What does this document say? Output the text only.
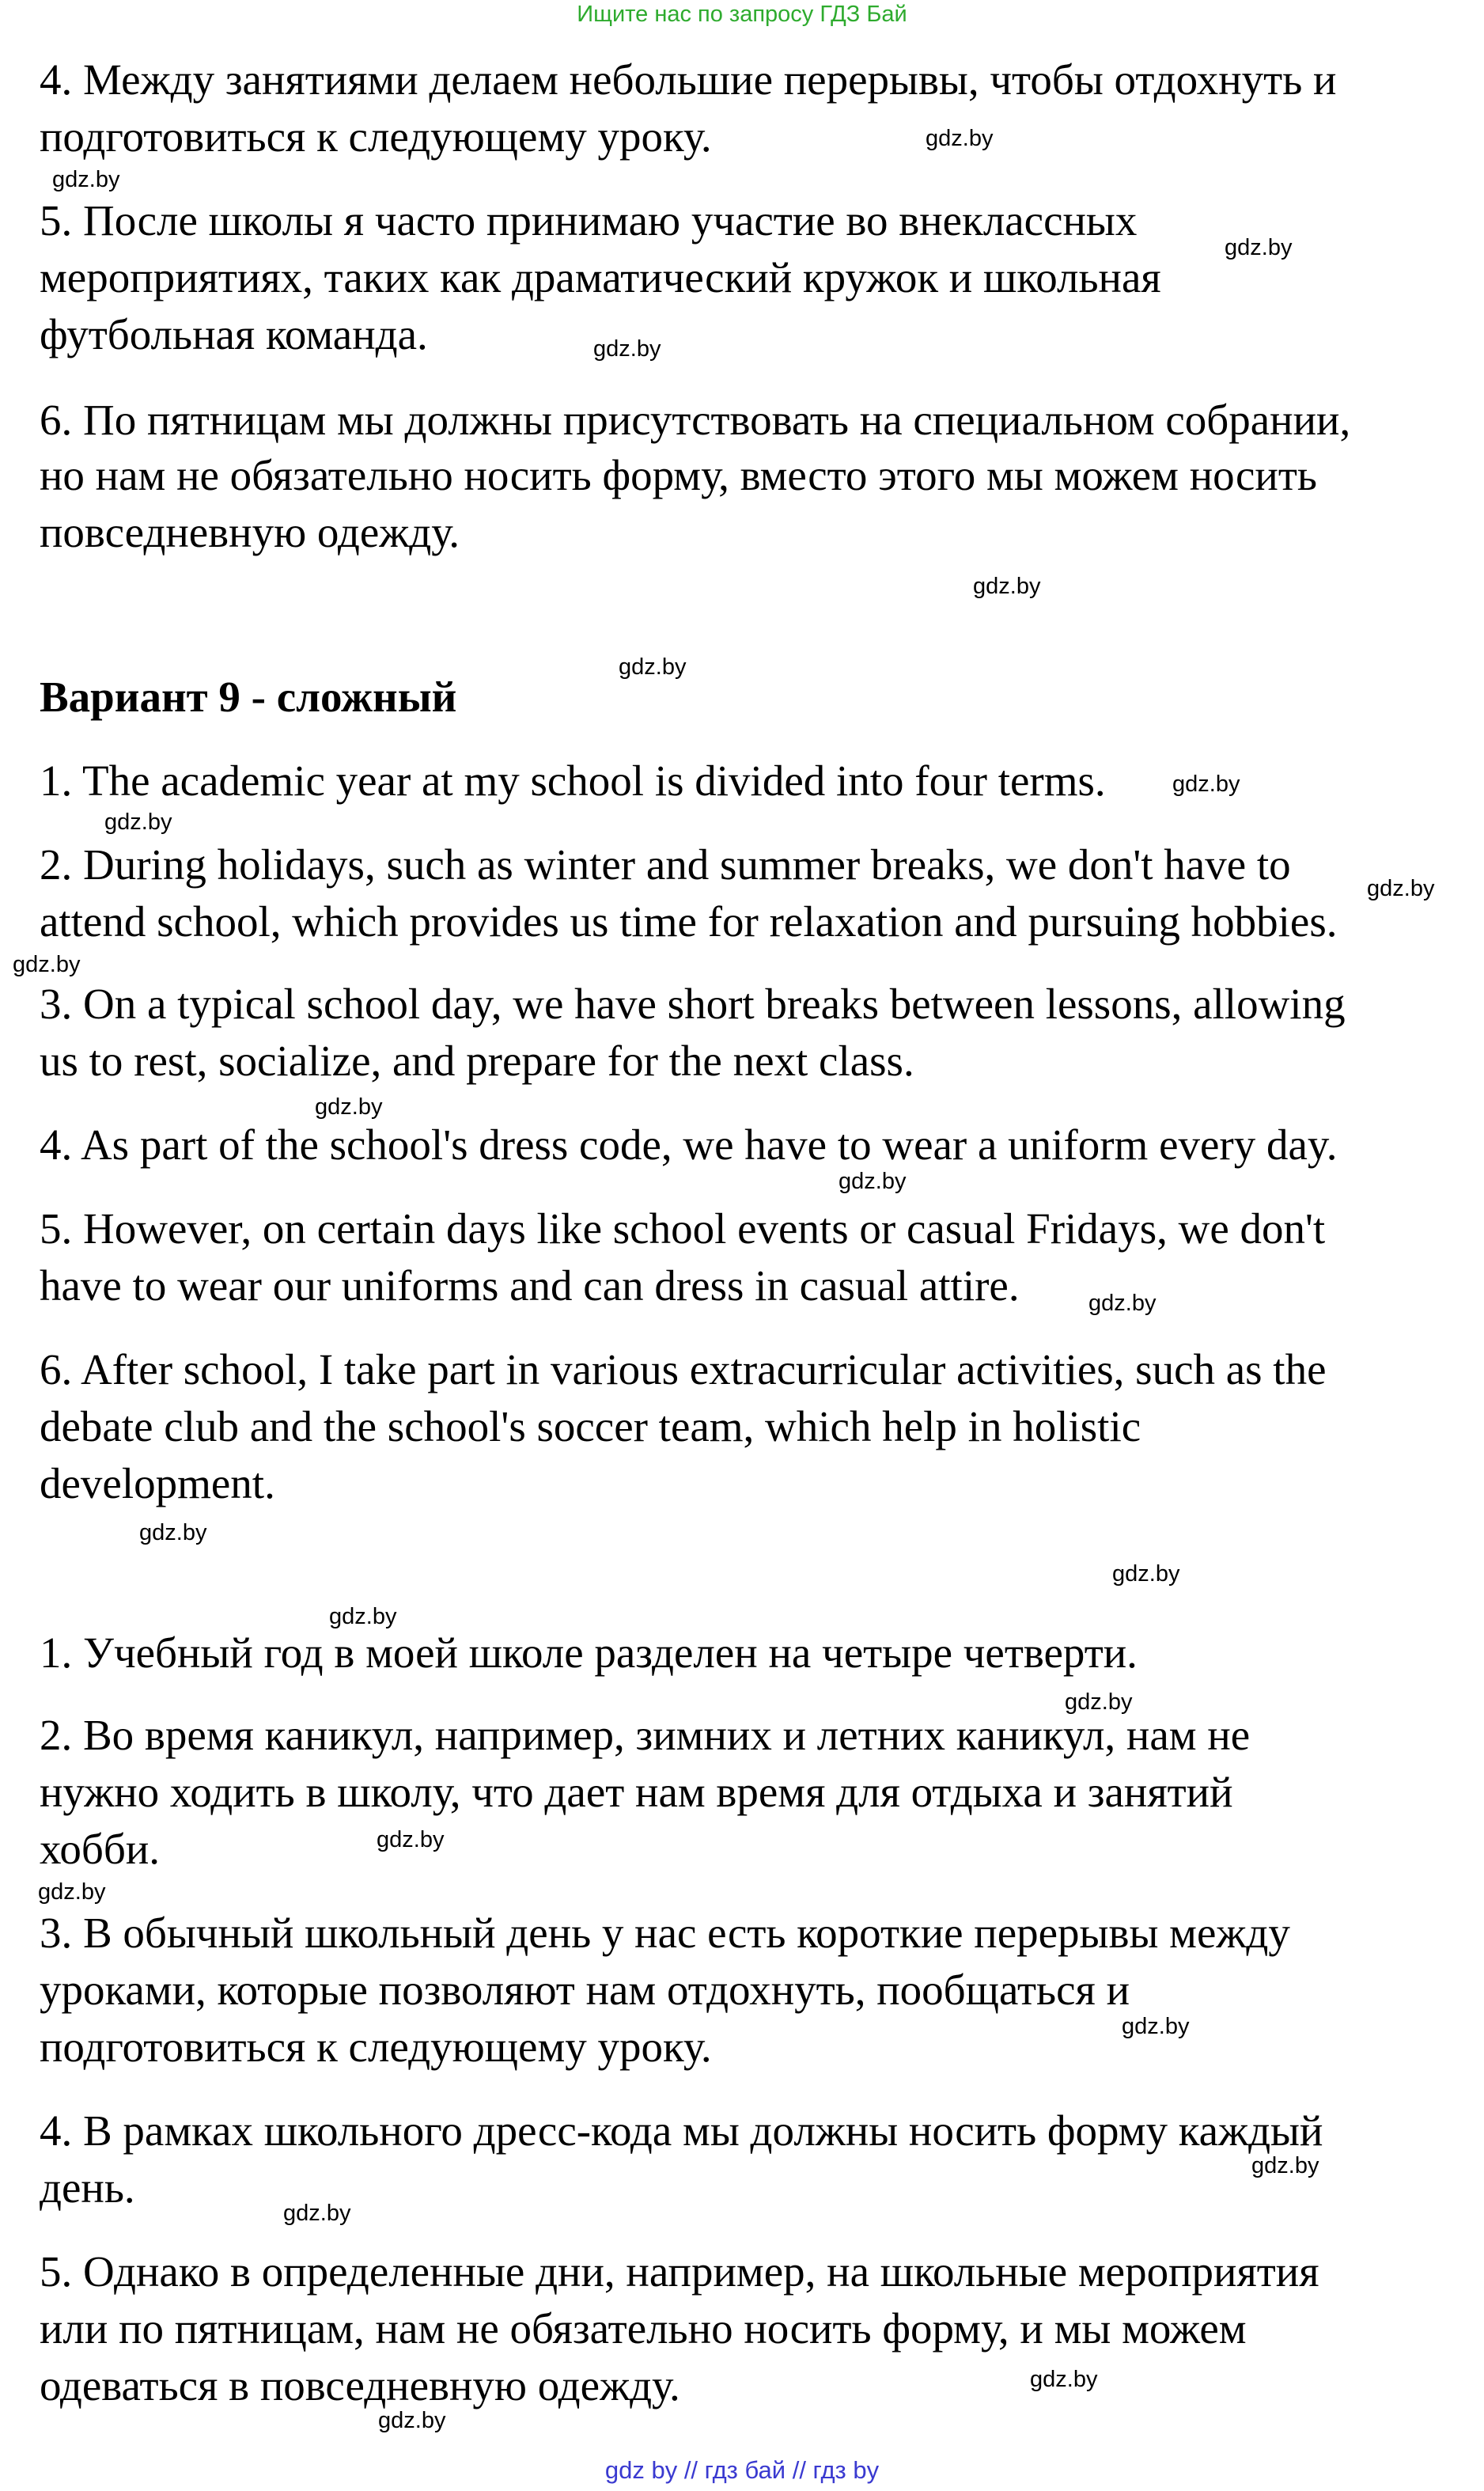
Ищите нас по запросу ГДЗ Бай
4. Между занятиями делаем небольшие перерывы, чтобы отдохнуть и
подготовиться к следующему уроку.
5. После школы я часто принимаю участие во внеклассных
мероприятиях, таких как драматический кружок и школьная
футбольная команда.
6. По пятницам мы должны присутствовать на специальном собрании,
но нам не обязательно носить форму, вместо этого мы можем носить
повседневную одежду.
Вариант 9 - сложный
1. The academic year at my school is divided into four terms.
2. During holidays, such as winter and summer breaks, we don't have to
attend school, which provides us time for relaxation and pursuing hobbies.
3. On a typical school day, we have short breaks between lessons, allowing
us to rest, socialize, and prepare for the next class.
4. As part of the school's dress code, we have to wear a uniform every day.
5. However, on certain days like school events or casual Fridays, we don't
have to wear our uniforms and can dress in casual attire.
6. After school, I take part in various extracurricular activities, such as the
debate club and the school's soccer team, which help in holistic
development.
1. Учебный год в моей школе разделен на четыре четверти.
2. Во время каникул, например, зимних и летних каникул, нам не
нужно ходить в школу, что дает нам время для отдыха и занятий
хобби.
3. В обычный школьный день у нас есть короткие перерывы между
уроками, которые позволяют нам отдохнуть, пообщаться и
подготовиться к следующему уроку.
4. В рамках школьного дресс-кода мы должны носить форму каждый
день.
5. Однако в определенные дни, например, на школьные мероприятия
или по пятницам, нам не обязательно носить форму, и мы можем
одеваться в повседневную одежду.
gdz.by
gdz.by
gdz.by
gdz.by
gdz.by
gdz.by
gdz.by
gdz.by
gdz.by
gdz.by
gdz.by
gdz.by
gdz.by
gdz.by
gdz.by
gdz.by
gdz.by
gdz.by
gdz.by
gdz.by
gdz.by
gdz.by
gdz.by
gdz.by
gdz by // гдз бай // гдз by
